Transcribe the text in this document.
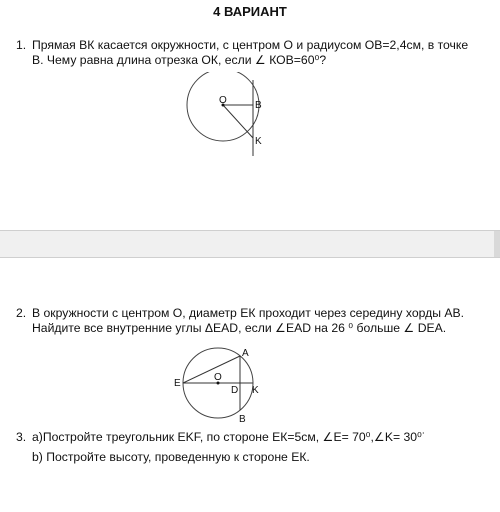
4 ВАРИАНТ
1. Прямая ВК касается окружности, с центром О и радиусом ОВ=2,4см, в точке В. Чему равна длина отрезка ОК, если ∠ КОВ=60⁰?
O	B
K
2. В окружности с центром О, диаметр ЕК проходит через середину хорды АВ. Найдите все внутренние углы ΔEAD, если ∠EAD на 26 ⁰ больше ∠ DEA.
A
O
E
D K
B
3. а)Постройте треугольник ЕKF, по стороне ЕК=5см, ∠E= 70⁰,∠K= 30⁰˙
b) Постройте высоту, проведенную к стороне ЕК.
